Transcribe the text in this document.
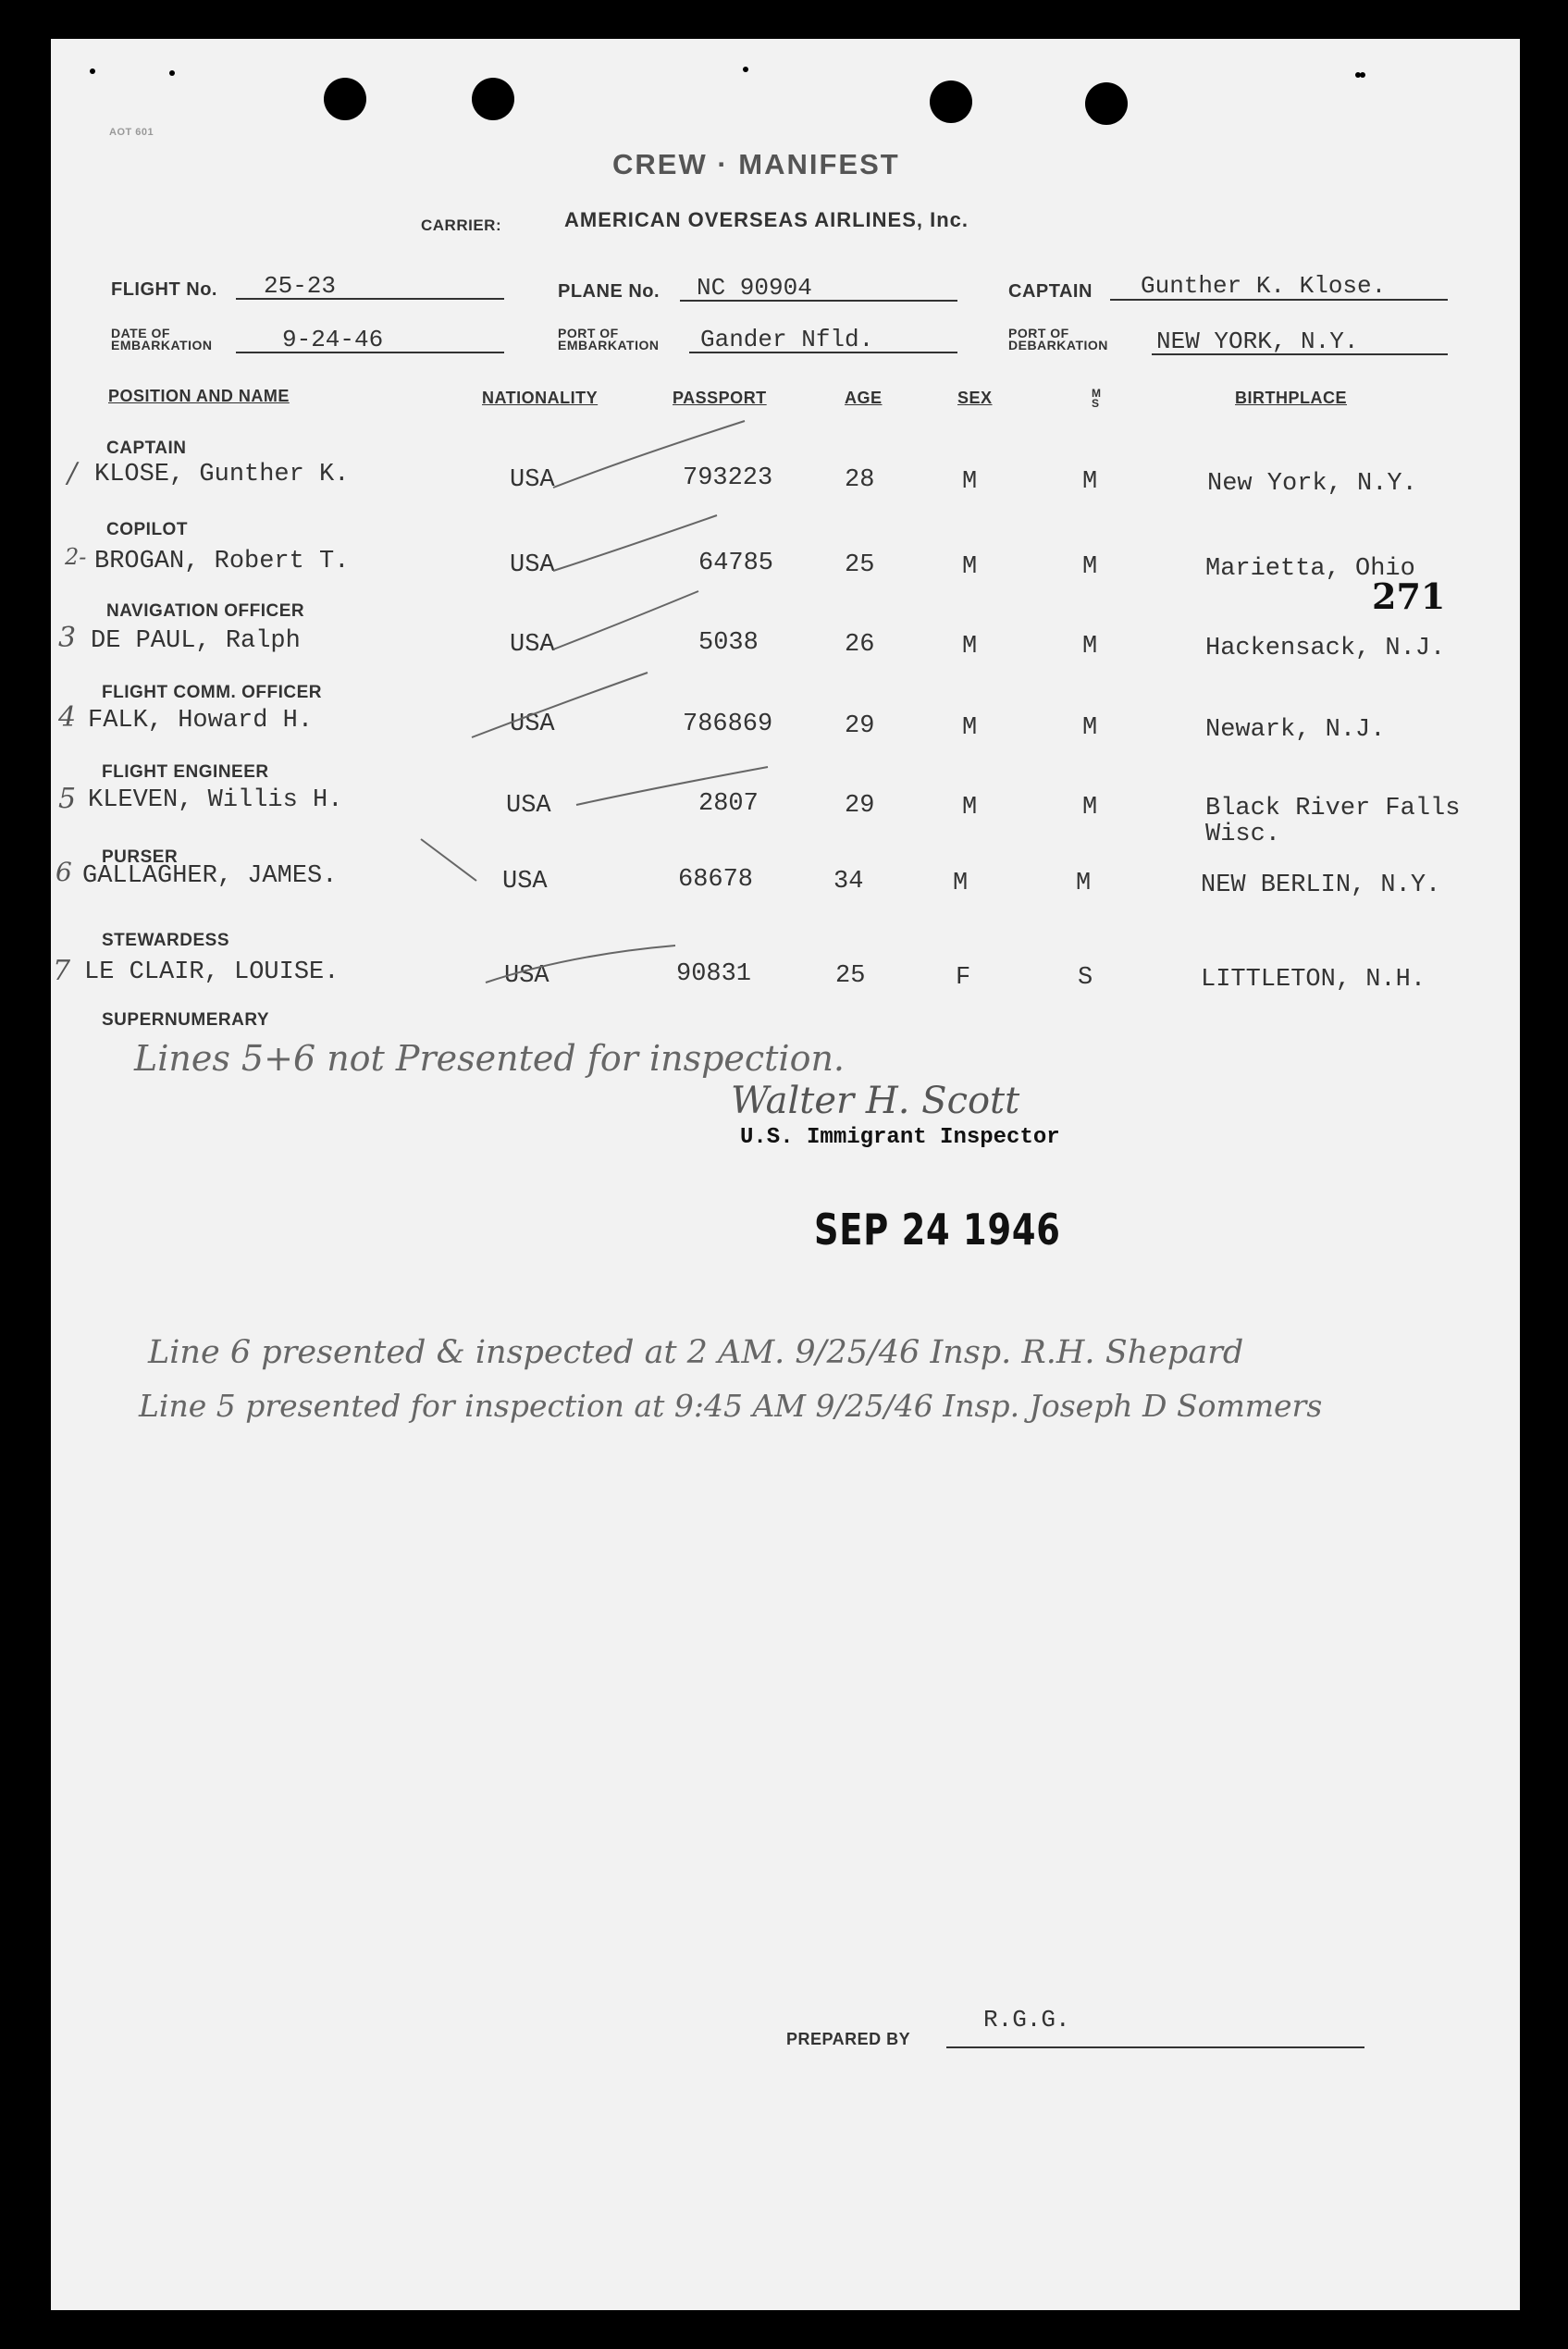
AOT 601
CREW · MANIFEST
CARRIER:	AMERICAN OVERSEAS AIRLINES, Inc.
FLIGHT No. 25-23	PLANE No. NC 90904	CAPTAIN Gunther K. Klose.
DATE OF EMBARKATION	9-24-46	PORT OF EMBARKATION	Gander Nfld.	PORT OF DEBARKATION	NEW YORK, N.Y.
POSITION AND NAME	NATIONALITY	PASSPORT	AGE	SEX	M S	BIRTHPLACE
CAPTAIN
/ KLOSE, Gunther K.	USA	793223	28	M	M	New York, N.Y.
COPILOT
2- BROGAN, Robert T.	USA	64785	25	M	M	Marietta, Ohio
NAVIGATION OFFICER
3 DE PAUL, Ralph	USA	5038	26	M	M	Hackensack, N.J.
FLIGHT COMM. OFFICER
4 FALK, Howard H.	USA	786869	29	M	M	Newark, N.J.
FLIGHT ENGINEER
5 KLEVEN, Willis H.	USA	2807	29	M	M	Black River Falls Wisc.
PURSER
6 GALLAGHER, JAMES.	USA	68678	34	M	M	NEW BERLIN, N.Y.
STEWARDESS
7 LE CLAIR, LOUISE.	USA	90831	25	F	S	LITTLETON, N.H.
SUPERNUMERARY
271
Lines 5+6 not Presented for inspection.
Walter H. Scott
U.S. Immigrant Inspector
SEP 24 1946
Line 6 presented & inspected at 2 AM. 9/25/46 Insp. R.H. Shepard
Line 5 presented for inspection at 9:45 AM 9/25/46 Insp. Joseph D Sommers
PREPARED BY
R.G.G.
